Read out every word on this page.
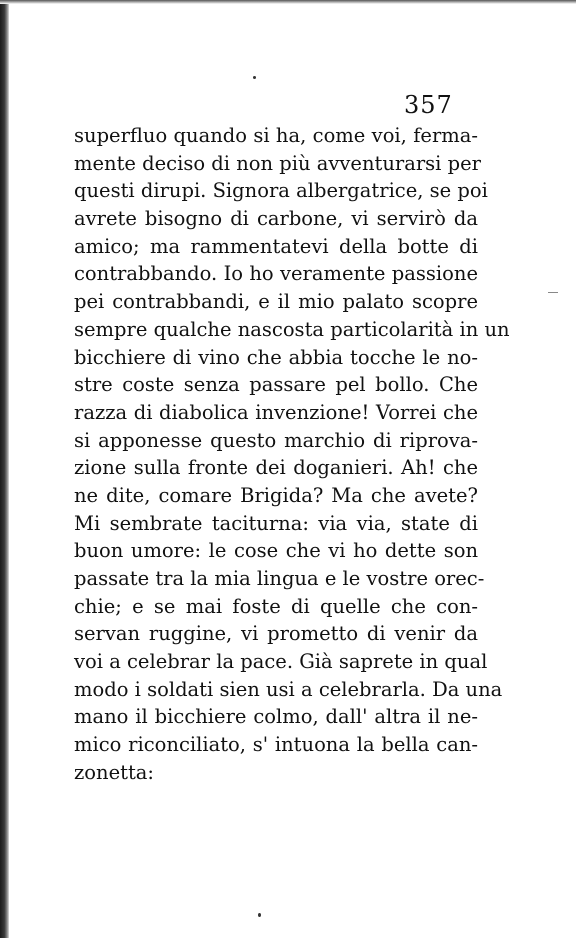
357
superfluo quando si ha, come voi, ferma-
mente deciso di non più avventurarsi per
questi dirupi. Signora albergatrice, se poi
avrete bisogno di carbone, vi servirò da
amico; ma rammentatevi della botte di
contrabbando. Io ho veramente passione
pei contrabbandi, e il mio palato scopre
sempre qualche nascosta particolarità in un
bicchiere di vino che abbia tocche le no-
stre coste senza passare pel bollo. Che
razza di diabolica invenzione! Vorrei che
si apponesse questo marchio di riprova-
zione sulla fronte dei doganieri. Ah! che
ne dite, comare Brigida? Ma che avete?
Mi sembrate taciturna: via via, state di
buon umore: le cose che vi ho dette son
passate tra la mia lingua e le vostre orec-
chie; e se mai foste di quelle che con-
servan ruggine, vi prometto di venir da
voi a celebrar la pace. Già saprete in qual
modo i soldati sien usi a celebrarla. Da una
mano il bicchiere colmo, dall' altra il ne-
mico riconciliato, s' intuona la bella can-
zonetta:
